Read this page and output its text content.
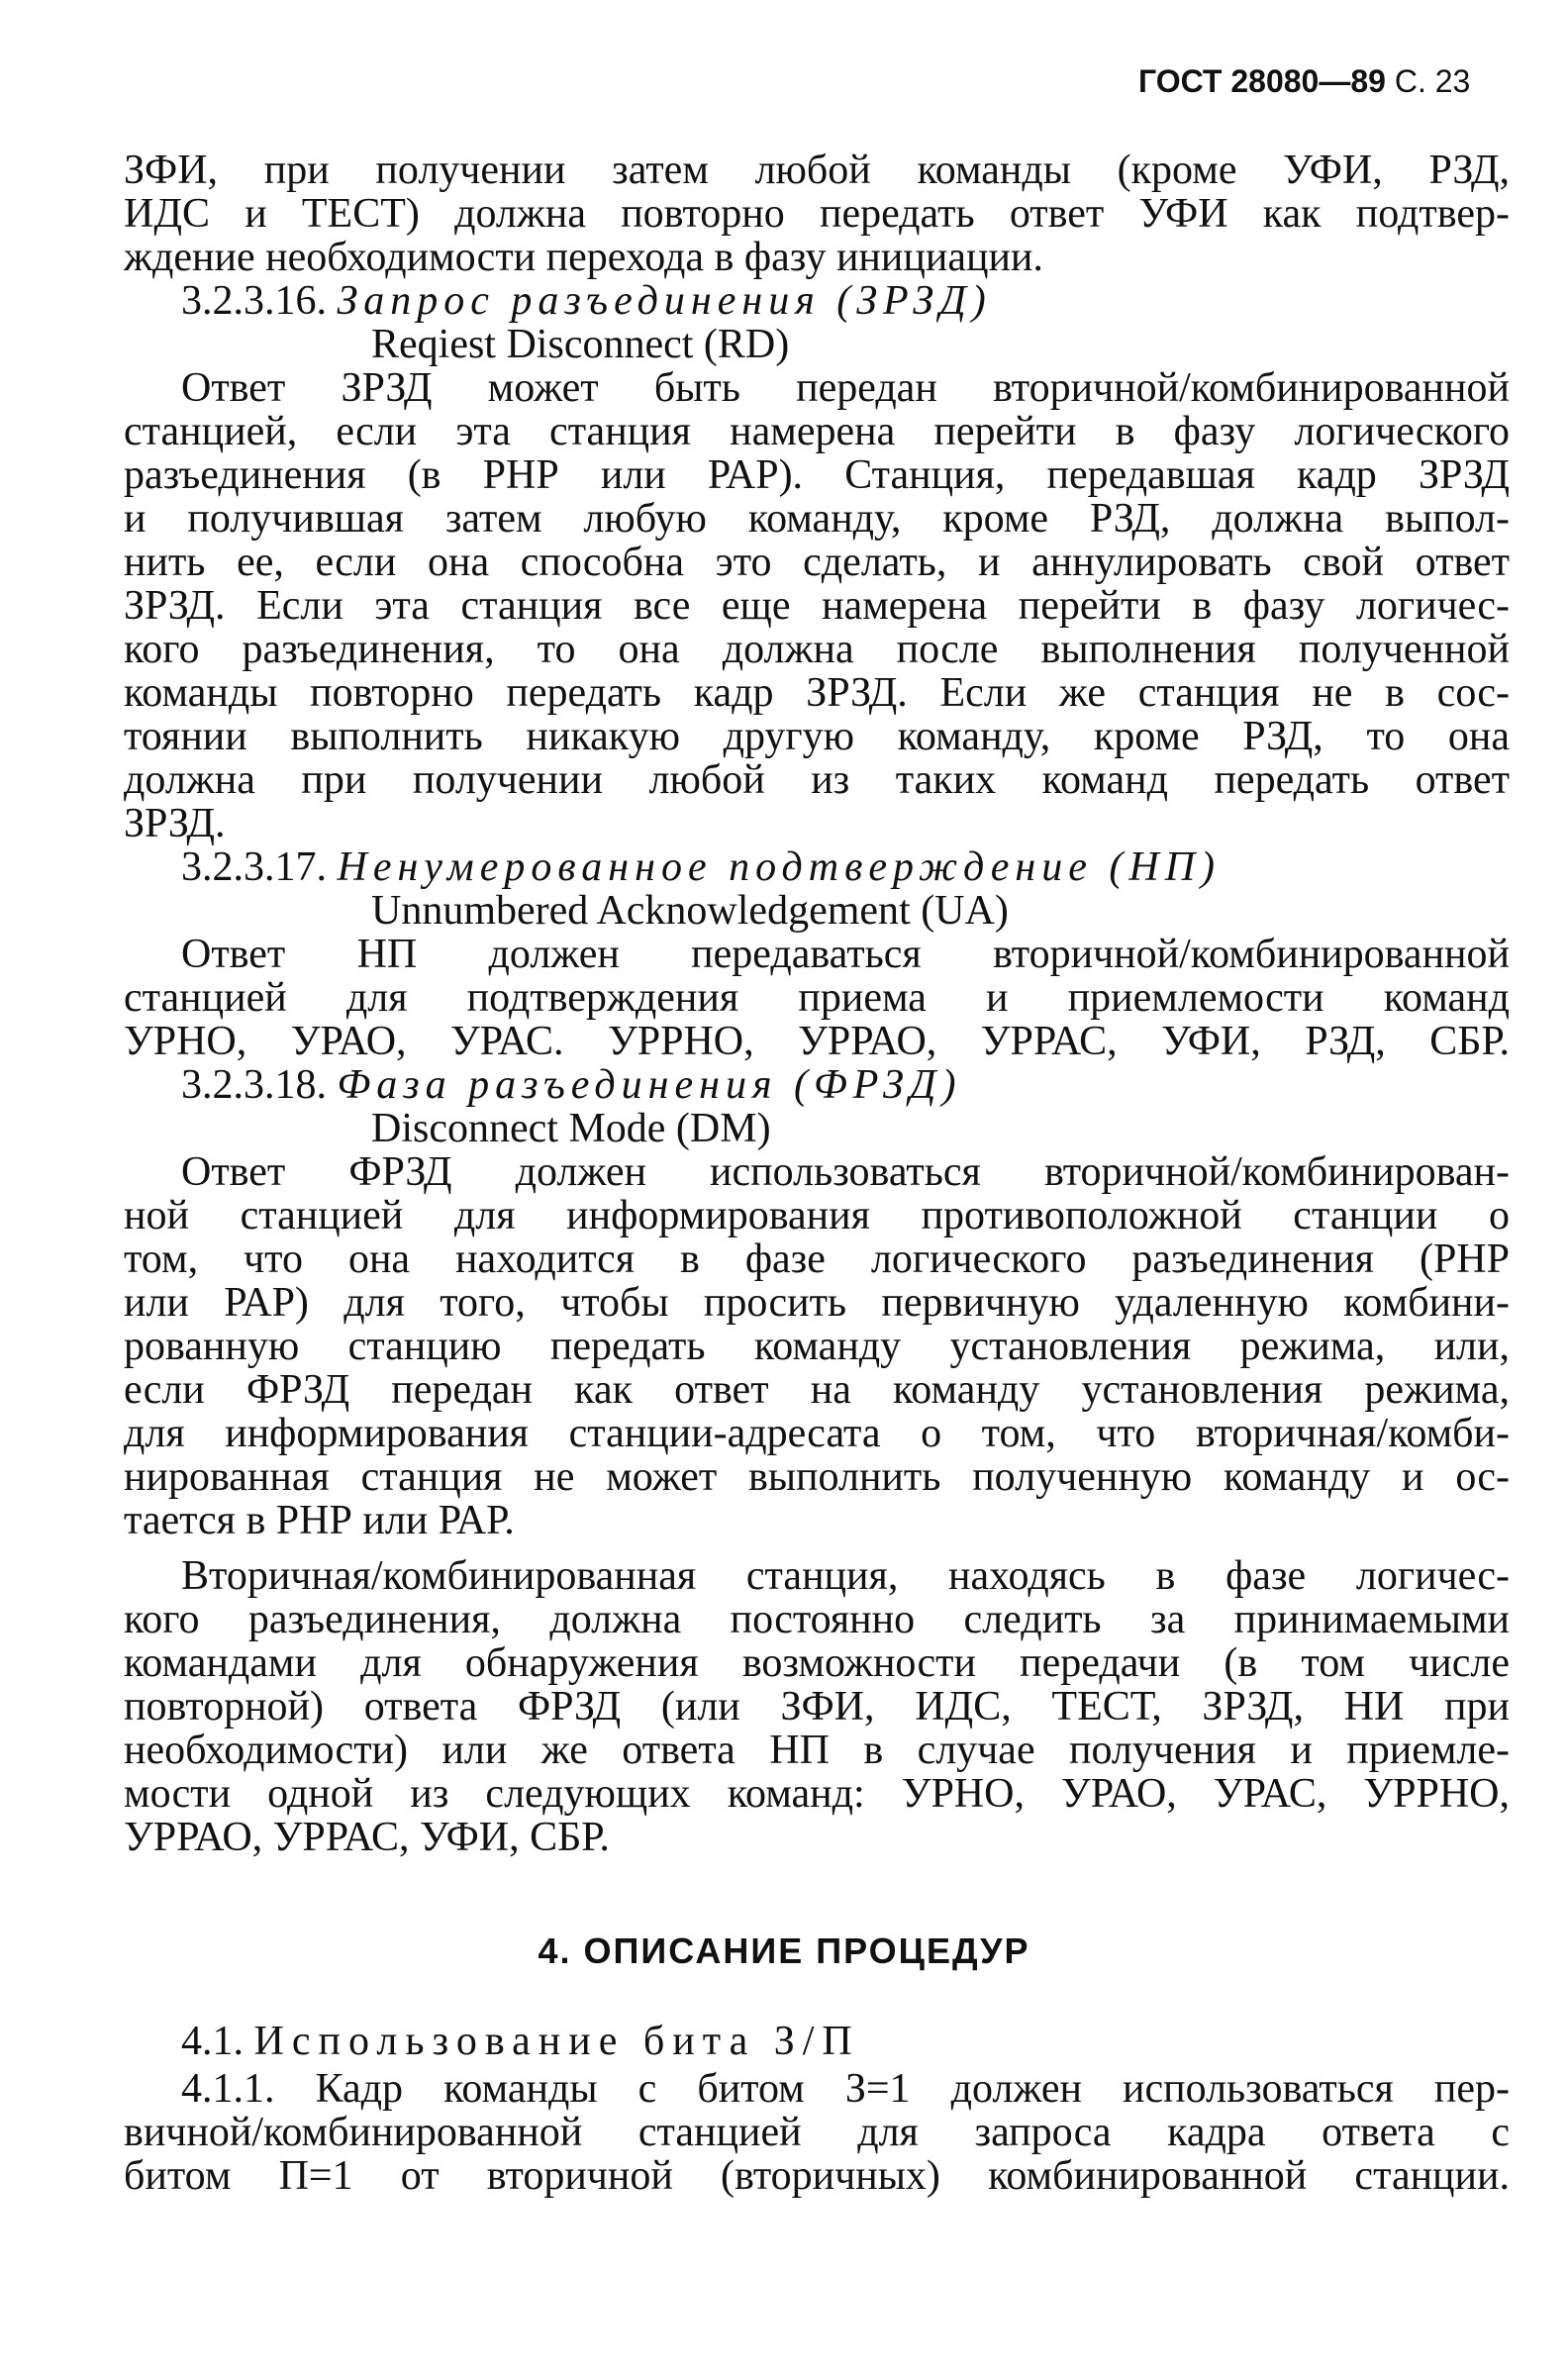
ГОСТ 28080—89 С. 23

ЗФИ, при получении затем любой команды (кроме УФИ, РЗД,

ИДС и ТЕСТ) должна повторно передать ответ УФИ как подтвер-

ждение необходимости перехода в фазу инициации.

3.2.3.16. Запрос разъединения (ЗРЗД)

Reqiest Disconnect (RD)

Ответ ЗРЗД может быть передан вторичной/комбинированной

станцией, если эта станция намерена перейти в фазу логического

разъединения (в РНР или РАР). Станция, передавшая кадр ЗРЗД

и получившая затем любую команду, кроме РЗД, должна выпол-

нить ее, если она способна это сделать, и аннулировать свой ответ

ЗРЗД. Если эта станция все еще намерена перейти в фазу логичес-

кого разъединения, то она должна после выполнения полученной

команды повторно передать кадр ЗРЗД. Если же станция не в сос-

тоянии выполнить никакую другую команду, кроме РЗД, то она

должна при получении любой из таких команд передать ответ

ЗРЗД.

3.2.3.17. Ненумерованное подтверждение (НП)

Unnumbered Acknowledgement (UA)

Ответ НП должен передаваться вторичной/комбинированной

станцией для подтверждения приема и приемлемости команд

УРНО, УРАО, УРАС. УРРНО, УРРАО, УРРАС, УФИ, РЗД, СБР.

3.2.3.18. Фаза разъединения (ФРЗД)

Disconnect Mode (DM)

Ответ ФРЗД должен использоваться вторичной/комбинирован-

ной станцией для информирования противоположной станции о

том, что она находится в фазе логического разъединения (РНР

или РАР) для того, чтобы просить первичную удаленную комбини-

рованную станцию передать команду установления режима, или,

если ФРЗД передан как ответ на команду установления режима,

для информирования станции-адресата о том, что вторичная/комби-

нированная станция не может выполнить полученную команду и ос-

тается в РНР или РАР.

Вторичная/комбинированная станция, находясь в фазе логичес-

кого разъединения, должна постоянно следить за принимаемыми

командами для обнаружения возможности передачи (в том числе

повторной) ответа ФРЗД (или ЗФИ, ИДС, ТЕСТ, ЗРЗД, НИ при

необходимости) или же ответа НП в случае получения и приемле-

мости одной из следующих команд: УРНО, УРАО, УРАС, УРРНО,

УРРАО, УРРАС, УФИ, СБР.

4. ОПИСАНИЕ ПРОЦЕДУР

4.1. Использование бита З/П

4.1.1. Кадр команды с битом З=1 должен использоваться пер-

вичной/комбинированной станцией для запроса кадра ответа с

битом П=1 от вторичной (вторичных) комбинированной станции.
